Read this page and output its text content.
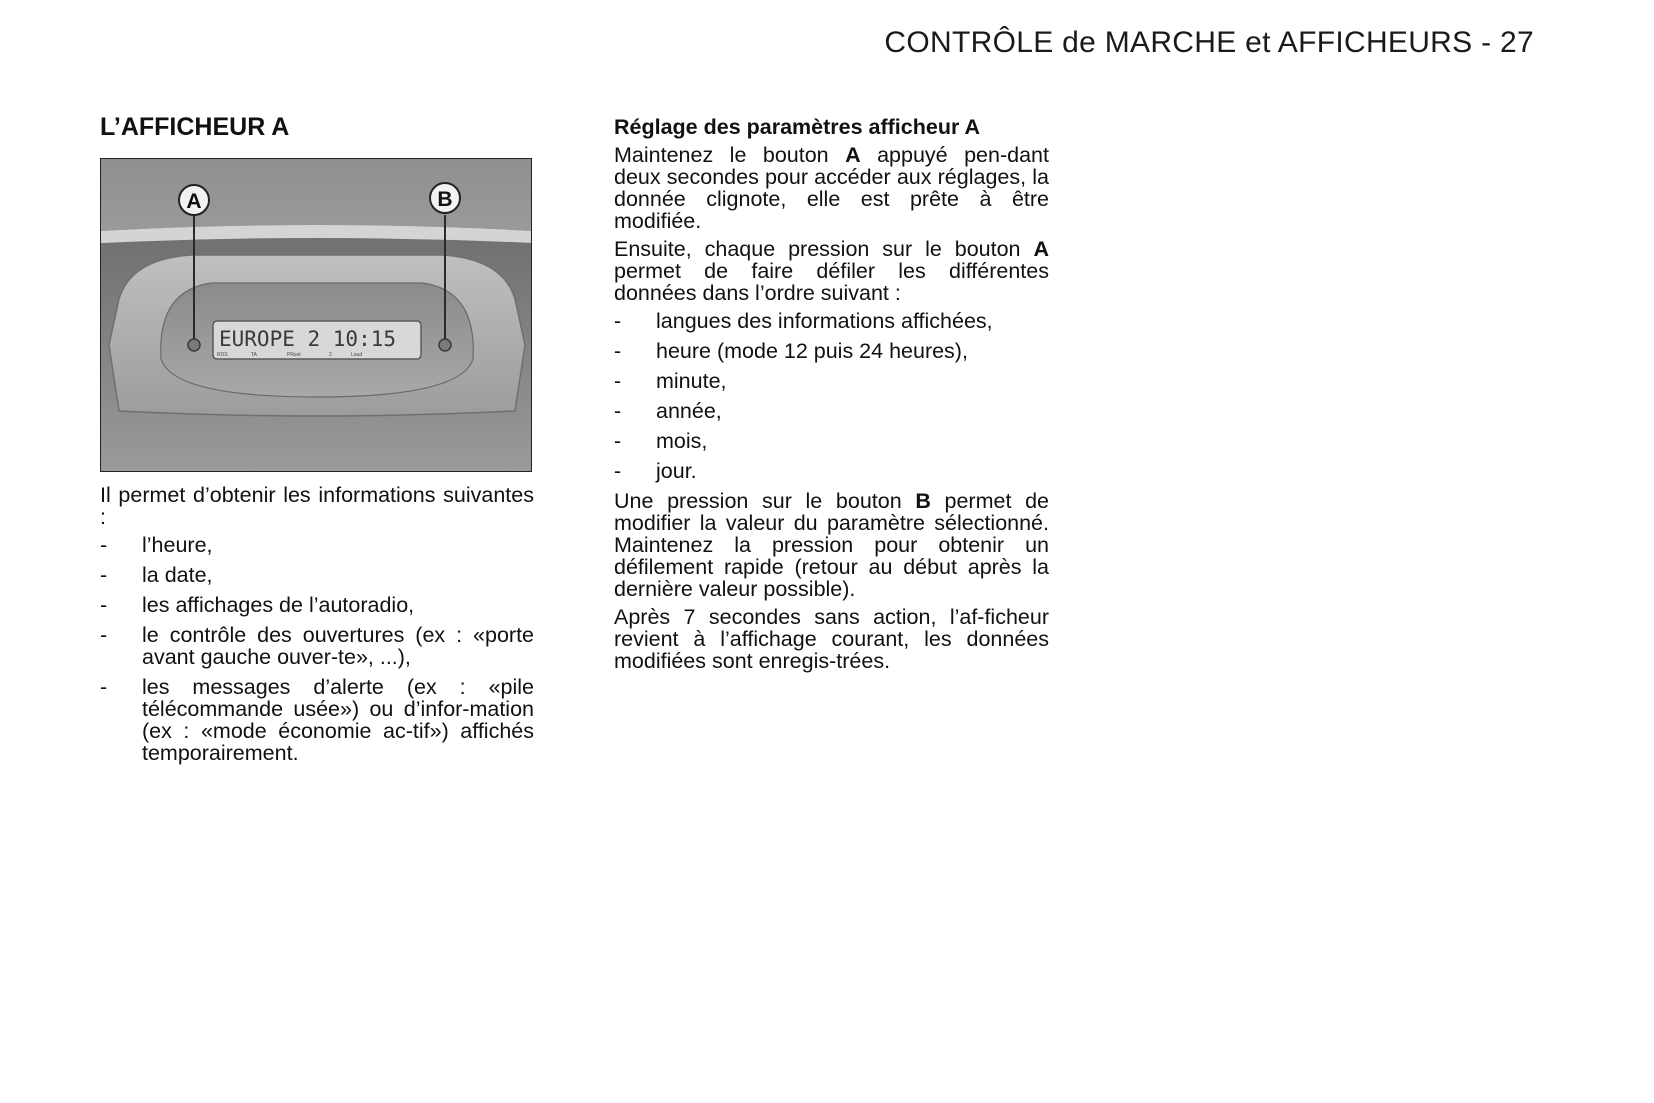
CONTRÔLE de MARCHE et AFFICHEURS - 27
L’AFFICHEUR A
EUROPE 2 10:15
RDS	TA	PRset	2	Loud
A	B

Il permet d’obtenir les informations suivantes :

- l’heure,
- la date,
- les affichages de l’autoradio,
- le contrôle des ouvertures (ex : «porte avant gauche ouver-te», ...),
- les messages d’alerte (ex : «pile télécommande usée») ou d’infor-mation (ex : «mode économie ac-tif») affichés temporairement.
Réglage des paramètres afficheur A

Maintenez le bouton A appuyé pen-dant deux secondes pour accéder aux réglages, la donnée clignote, elle est prête à être modifiée.

Ensuite, chaque pression sur le bouton A permet de faire défiler les différentes données dans l’ordre suivant :

- langues des informations affichées,
- heure (mode 12 puis 24 heures),
- minute,
- année,
- mois,
- jour.

Une pression sur le bouton B permet de modifier la valeur du paramètre sélectionné. Maintenez la pression pour obtenir un défilement rapide (retour au début après la dernière valeur possible).

Après 7 secondes sans action, l’af-ficheur revient à l’affichage courant, les données modifiées sont enregis-trées.
